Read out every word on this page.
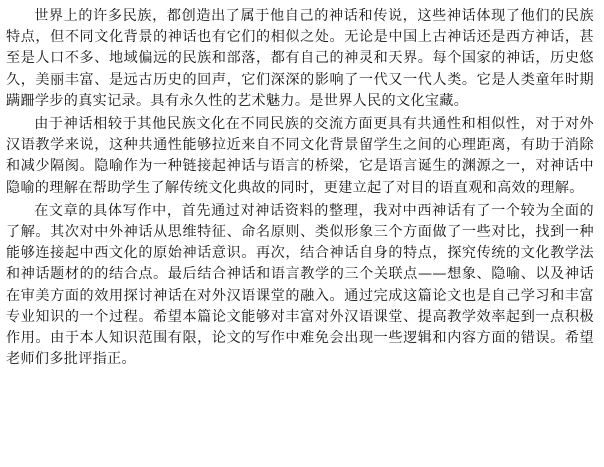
世界上的许多民族，都创造出了属于他自己的神话和传说，这些神话体现了他们的民族特点，但不同文化背景的神话也有它们的相似之处。无论是中国上古神话还是西方神话，甚至是人口不多、地域偏远的民族和部落，都有自己的神灵和天界。每个国家的神话，历史悠久，美丽丰富、是远古历史的回声，它们深深的影响了一代又一代人类。它是人类童年时期蹒跚学步的真实记录。具有永久性的艺术魅力。是世界人民的文化宝藏。

由于神话相较于其他民族文化在不同民族的交流方面更具有共通性和相似性，对于对外汉语教学来说，这种共通性能够拉近来自不同文化背景留学生之间的心理距离，有助于消除和减少隔阂。隐喻作为一种链接起神话与语言的桥梁，它是语言诞生的渊源之一，对神话中隐喻的理解在帮助学生了解传统文化典故的同时，更建立起了对目的语直观和高效的理解。

在文章的具体写作中，首先通过对神话资料的整理，我对中西神话有了一个较为全面的了解。其次对中外神话从思维特征、命名原则、类似形象三个方面做了一些对比，找到一种能够连接起中西文化的原始神话意识。再次，结合神话自身的特点，探究传统的文化教学法和神话题材的的结合点。最后结合神话和语言教学的三个关联点——想象、隐喻、以及神话在审美方面的效用探讨神话在对外汉语课堂的融入。通过完成这篇论文也是自己学习和丰富专业知识的一个过程。希望本篇论文能够对丰富对外汉语课堂、提高教学效率起到一点积极作用。由于本人知识范围有限，论文的写作中难免会出现一些逻辑和内容方面的错误。希望老师们多批评指正。
